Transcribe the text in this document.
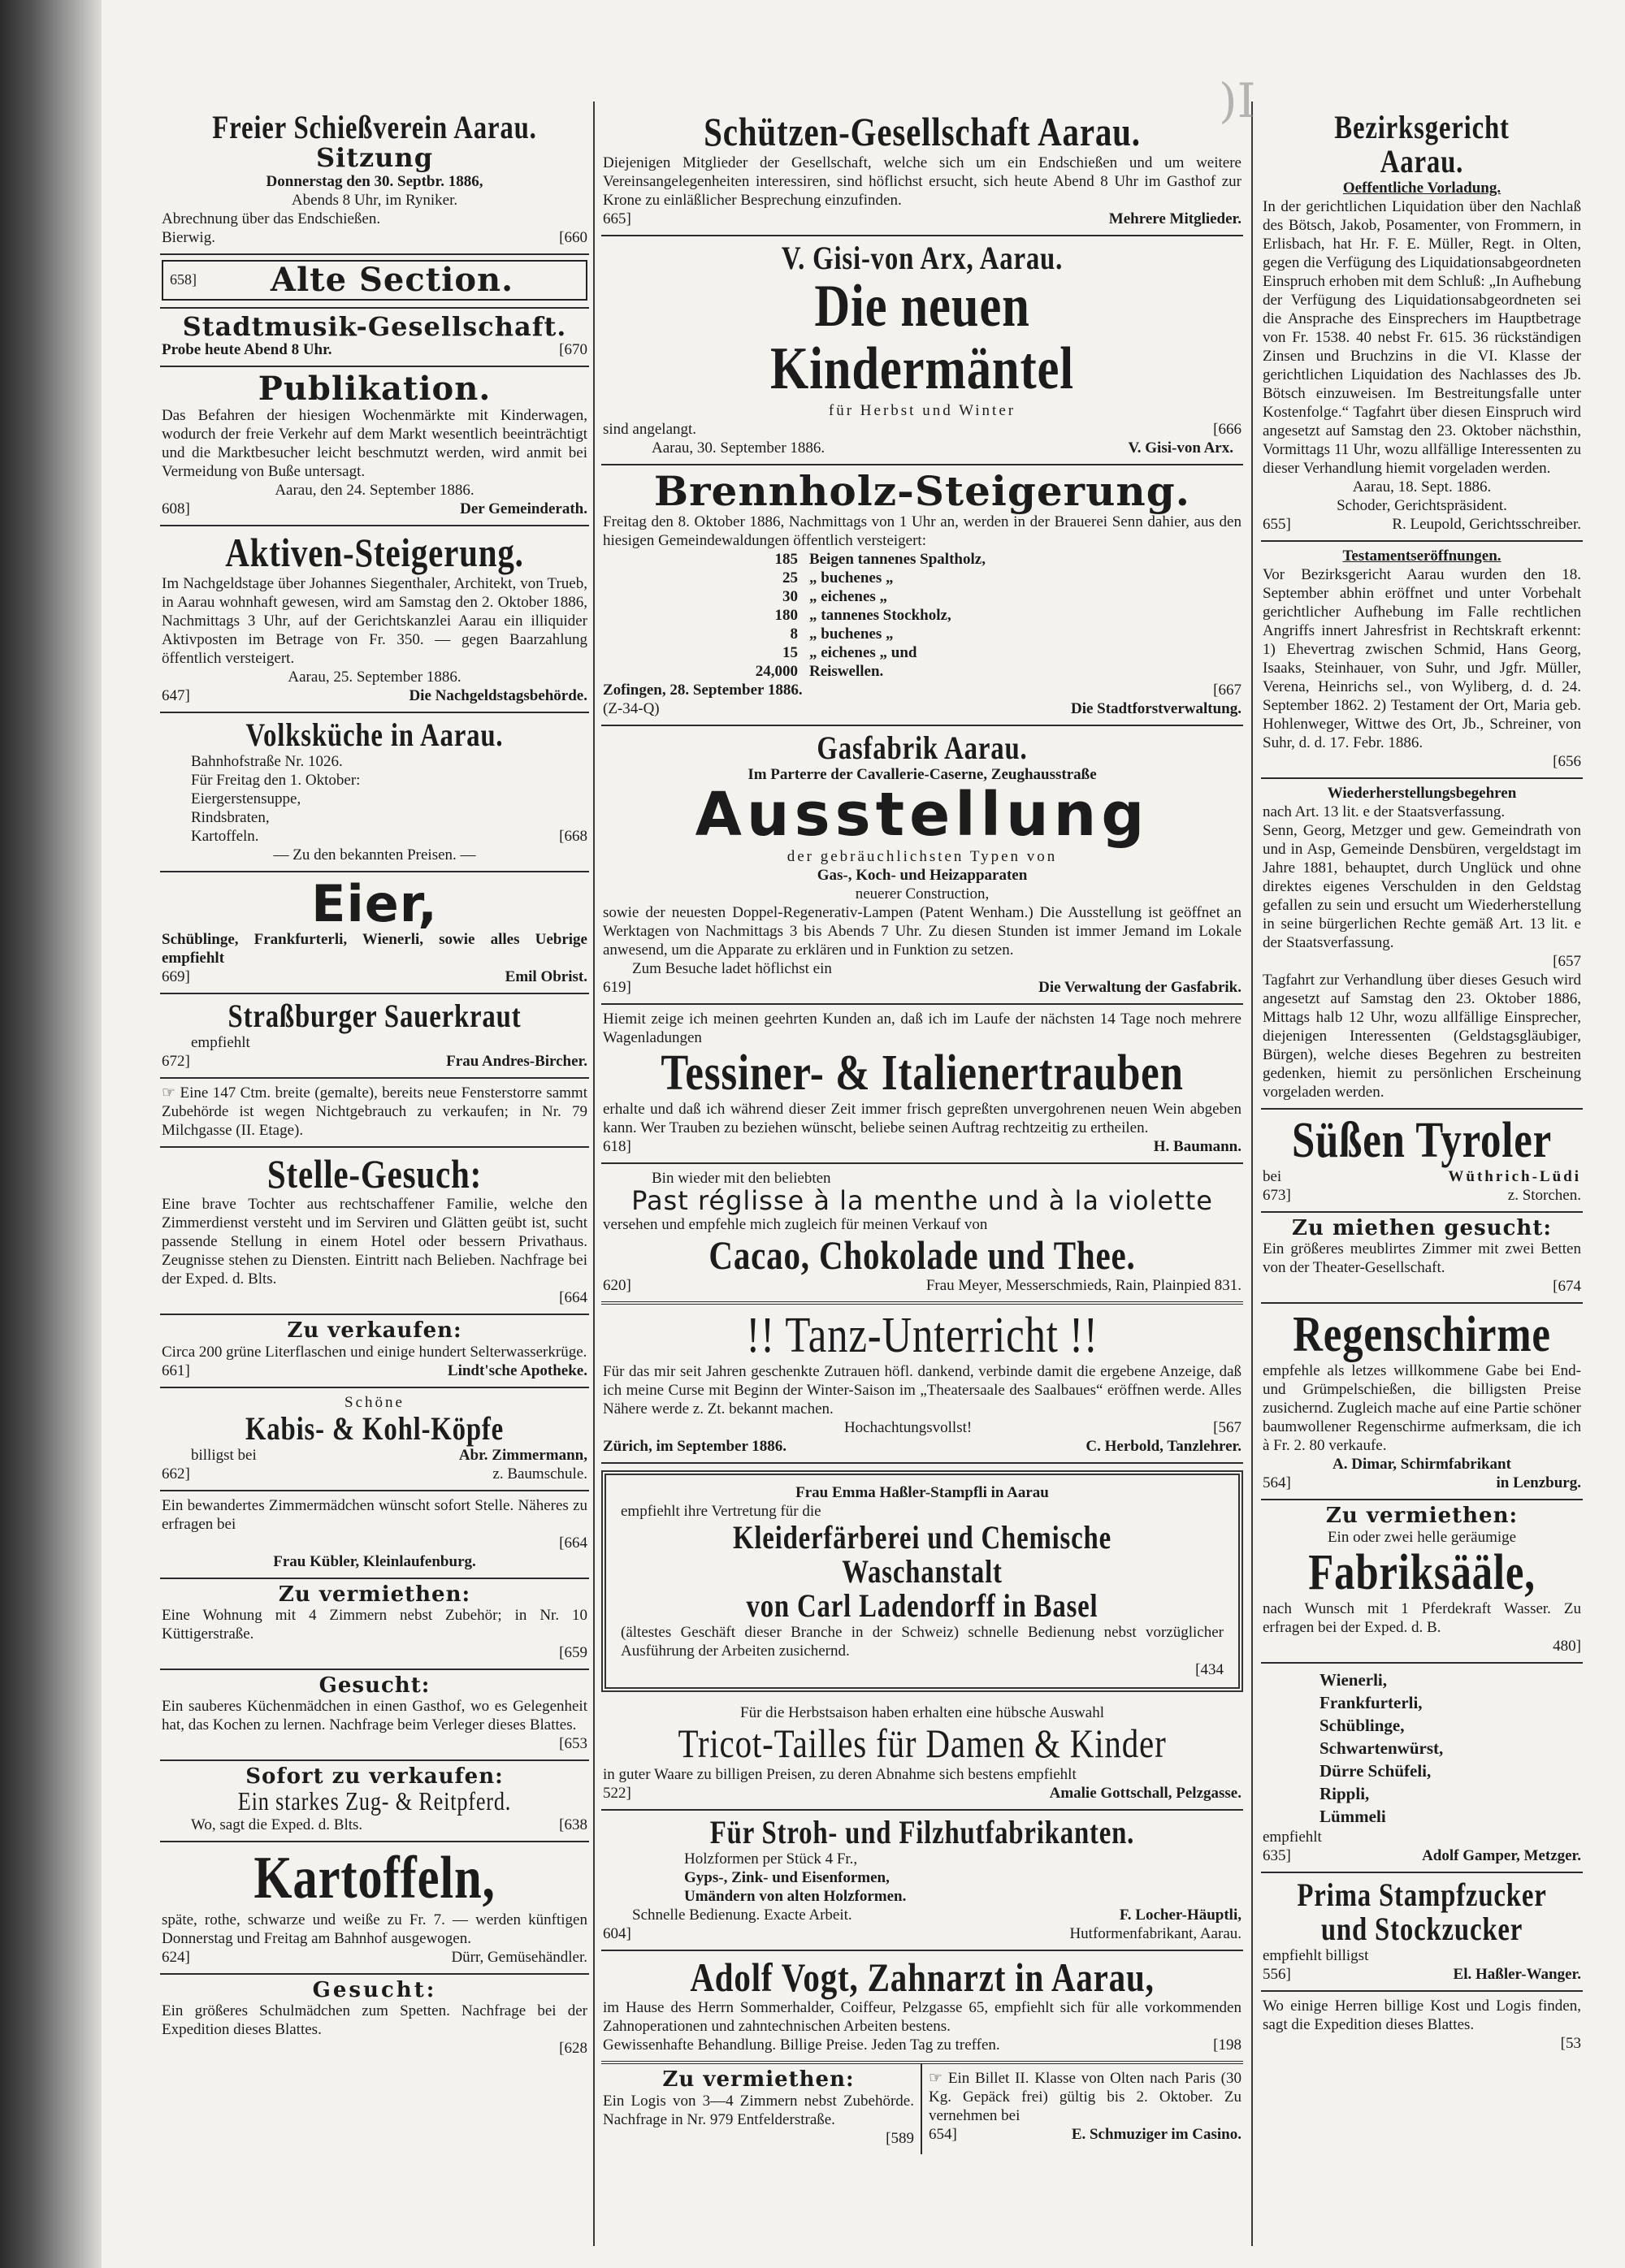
)I
Freier Schießverein Aarau.
Sitzung
Donnerstag den 30. Septbr. 1886,
Abends 8 Uhr, im Ryniker.
Abrechnung über das Endschießen.
Bierwig.	[660
658]	Alte Section.
Stadtmusik-Gesellschaft.
Probe heute Abend 8 Uhr.	[670
Publikation.
Das Befahren der hiesigen Wochenmärkte mit Kinderwagen, wodurch der freie Verkehr auf dem Markt wesentlich beeinträchtigt und die Marktbesucher leicht beschmutzt werden, wird anmit bei Vermeidung von Buße untersagt.
Aarau, den 24. September 1886.
608]	Der Gemeinderath.
Aktiven-Steigerung.
Im Nachgeldstage über Johannes Siegenthaler, Architekt, von Trueb, in Aarau wohnhaft gewesen, wird am Samstag den 2. Oktober 1886, Nachmittags 3 Uhr, auf der Gerichtskanzlei Aarau ein illiquider Aktivposten im Betrage von Fr. 350. — gegen Baarzahlung öffentlich versteigert.
Aarau, 25. September 1886.
647]	Die Nachgeldstagsbehörde.
Volksküche in Aarau.
Bahnhofstraße Nr. 1026.
Für Freitag den 1. Oktober:
Eiergerstensuppe,
Rindsbraten,
Kartoffeln.	[668
— Zu den bekannten Preisen. —
Eier,
Schüblinge, Frankfurterli, Wienerli, sowie alles Uebrige empfiehlt
669]	Emil Obrist.
Straßburger Sauerkraut
empfiehlt
672]	Frau Andres-Bircher.
☞ Eine 147 Ctm. breite (gemalte), bereits neue Fensterstorre sammt Zubehörde ist wegen Nichtgebrauch zu verkaufen; in Nr. 79 Milchgasse (II. Etage).
Stelle-Gesuch:
Eine brave Tochter aus rechtschaffener Familie, welche den Zimmerdienst versteht und im Serviren und Glätten geübt ist, sucht passende Stellung in einem Hotel oder bessern Privathaus. Zeugnisse stehen zu Diensten. Eintritt nach Belieben. Nachfrage bei der Exped. d. Blts.
[664
Zu verkaufen:
Circa 200 grüne Literflaschen und einige hundert Selterwasserkrüge.
661]	Lindt'sche Apotheke.
Schöne
Kabis- & Kohl-Köpfe
billigst bei	Abr. Zimmermann,
662]	z. Baumschule.
Ein bewandertes Zimmermädchen wünscht sofort Stelle. Näheres zu erfragen bei
[664
Frau Kübler, Kleinlaufenburg.
Zu vermiethen:
Eine Wohnung mit 4 Zimmern nebst Zubehör; in Nr. 10 Küttigerstraße.
[659
Gesucht:
Ein sauberes Küchenmädchen in einen Gasthof, wo es Gelegenheit hat, das Kochen zu lernen. Nachfrage beim Verleger dieses Blattes.
[653
Sofort zu verkaufen:
Ein starkes Zug- & Reitpferd.
Wo, sagt die Exped. d. Blts.	[638
Kartoffeln,
späte, rothe, schwarze und weiße zu Fr. 7. — werden künftigen Donnerstag und Freitag am Bahnhof ausgewogen.
624]	Dürr, Gemüsehändler.
Gesucht:
Ein größeres Schulmädchen zum Spetten. Nachfrage bei der Expedition dieses Blattes.
[628
Schützen-Gesellschaft Aarau.
Diejenigen Mitglieder der Gesellschaft, welche sich um ein Endschießen und um weitere Vereinsangelegenheiten interessiren, sind höflichst ersucht, sich heute Abend 8 Uhr im Gasthof zur Krone zu einläßlicher Besprechung einzufinden.
665]	Mehrere Mitglieder.
V. Gisi-von Arx, Aarau.
Die neuen Kindermäntel
für Herbst und Winter
sind angelangt.	[666
Aarau, 30. September 1886.	V. Gisi-von Arx.
Brennholz-Steigerung.
Freitag den 8. Oktober 1886, Nachmittags von 1 Uhr an, werden in der Brauerei Senn dahier, aus den hiesigen Gemeindewaldungen öffentlich versteigert:
185 Beigen tannenes Spaltholz,
25 „ buchenes „
30 „ eichenes „
180 „ tannenes Stockholz,
8 „ buchenes „
15 „ eichenes „ und
24,000 Reiswellen.
Zofingen, 28. September 1886.	[667
(Z-34-Q)	Die Stadtforstverwaltung.
Gasfabrik Aarau.
Im Parterre der Cavallerie-Caserne, Zeughausstraße
Ausstellung
der gebräuchlichsten Typen von
Gas-, Koch- und Heizapparaten
neuerer Construction,
sowie der neuesten Doppel-Regenerativ-Lampen (Patent Wenham.) Die Ausstellung ist geöffnet an Werktagen von Nachmittags 3 bis Abends 7 Uhr. Zu diesen Stunden ist immer Jemand im Lokale anwesend, um die Apparate zu erklären und in Funktion zu setzen.
Zum Besuche ladet höflichst ein
619]	Die Verwaltung der Gasfabrik.
Hiemit zeige ich meinen geehrten Kunden an, daß ich im Laufe der nächsten 14 Tage noch mehrere Wagenladungen
Tessiner- & Italienertrauben
erhalte und daß ich während dieser Zeit immer frisch gepreßten unvergohrenen neuen Wein abgeben kann. Wer Trauben zu beziehen wünscht, beliebe seinen Auftrag rechtzeitig zu ertheilen.
618]	H. Baumann.
Bin wieder mit den beliebten
Past réglisse à la menthe und à la violette
versehen und empfehle mich zugleich für meinen Verkauf von
Cacao, Chokolade und Thee.
620]	Frau Meyer, Messerschmieds, Rain, Plainpied 831.
!! Tanz-Unterricht !!
Für das mir seit Jahren geschenkte Zutrauen höfl. dankend, verbinde damit die ergebene Anzeige, daß ich meine Curse mit Beginn der Winter-Saison im „Theatersaale des Saalbaues“ eröffnen werde. Alles Nähere werde z. Zt. bekannt machen.
Hochachtungsvollst!	[567
Zürich, im September 1886.	C. Herbold, Tanzlehrer.
Frau Emma Haßler-Stampfli in Aarau
empfiehlt ihre Vertretung für die
Kleiderfärberei und Chemische Waschanstalt
von Carl Ladendorff in Basel
(ältestes Geschäft dieser Branche in der Schweiz) schnelle Bedienung nebst vorzüglicher Ausführung der Arbeiten zusichernd.
[434
Für die Herbstsaison haben erhalten eine hübsche Auswahl
Tricot-Tailles für Damen & Kinder
in guter Waare zu billigen Preisen, zu deren Abnahme sich bestens empfiehlt
522]	Amalie Gottschall, Pelzgasse.
Für Stroh- und Filzhutfabrikanten.
Holzformen per Stück 4 Fr.,
Gyps-, Zink- und Eisenformen,
Umändern von alten Holzformen.
Schnelle Bedienung. Exacte Arbeit.	F. Locher-Häuptli,
604]	Hutformenfabrikant, Aarau.
Adolf Vogt, Zahnarzt in Aarau,
im Hause des Herrn Sommerhalder, Coiffeur, Pelzgasse 65, empfiehlt sich für alle vorkommenden Zahnoperationen und zahntechnischen Arbeiten bestens.
Gewissenhafte Behandlung. Billige Preise. Jeden Tag zu treffen.	[198
Zu vermiethen:
Ein Logis von 3—4 Zimmern nebst Zubehörde. Nachfrage in Nr. 979 Entfelderstraße.
[589
☞ Ein Billet II. Klasse von Olten nach Paris (30 Kg. Gepäck frei) gültig bis 2. Oktober. Zu vernehmen bei
654]	E. Schmuziger im Casino.
Bezirksgericht Aarau.
Oeffentliche Vorladung.
In der gerichtlichen Liquidation über den Nachlaß des Bötsch, Jakob, Posamenter, von Frommern, in Erlisbach, hat Hr. F. E. Müller, Regt. in Olten, gegen die Verfügung des Liquidationsabgeordneten Einspruch erhoben mit dem Schluß: „In Aufhebung der Verfügung des Liquidationsabgeordneten sei die Ansprache des Einsprechers im Hauptbetrage von Fr. 1538. 40 nebst Fr. 615. 36 rückständigen Zinsen und Bruchzins in die VI. Klasse der gerichtlichen Liquidation des Nachlasses des Jb. Bötsch einzuweisen. Im Bestreitungsfalle unter Kostenfolge.“ Tagfahrt über diesen Einspruch wird angesetzt auf Samstag den 23. Oktober nächsthin, Vormittags 11 Uhr, wozu allfällige Interessenten zu dieser Verhandlung hiemit vorgeladen werden.
Aarau, 18. Sept. 1886.
Schoder, Gerichtspräsident.
655]	R. Leupold, Gerichtsschreiber.
Testamentseröffnungen.
Vor Bezirksgericht Aarau wurden den 18. September abhin eröffnet und unter Vorbehalt gerichtlicher Aufhebung im Falle rechtlichen Angriffs innert Jahresfrist in Rechtskraft erkennt: 1) Ehevertrag zwischen Schmid, Hans Georg, Isaaks, Steinhauer, von Suhr, und Jgfr. Müller, Verena, Heinrichs sel., von Wyliberg, d. d. 24. September 1862. 2) Testament der Ort, Maria geb. Hohlenweger, Wittwe des Ort, Jb., Schreiner, von Suhr, d. d. 17. Febr. 1886.
[656
Wiederherstellungsbegehren
nach Art. 13 lit. e der Staatsverfassung.
Senn, Georg, Metzger und gew. Gemeindrath von und in Asp, Gemeinde Densbüren, vergeldstagt im Jahre 1881, behauptet, durch Unglück und ohne direktes eigenes Verschulden in den Geldstag gefallen zu sein und ersucht um Wiederherstellung in seine bürgerlichen Rechte gemäß Art. 13 lit. e der Staatsverfassung.
[657
Tagfahrt zur Verhandlung über dieses Gesuch wird angesetzt auf Samstag den 23. Oktober 1886, Mittags halb 12 Uhr, wozu allfällige Einsprecher, diejenigen Interessenten (Geldstagsgläubiger, Bürgen), welche dieses Begehren zu bestreiten gedenken, hiemit zu persönlichen Erscheinung vorgeladen werden.
Süßen Tyroler
bei	Wüthrich-Lüdi
673]	z. Storchen.
Zu miethen gesucht:
Ein größeres meublirtes Zimmer mit zwei Betten von der Theater-Gesellschaft.
[674
Regenschirme
empfehle als letzes willkommene Gabe bei End- und Grümpelschießen, die billigsten Preise zusichernd. Zugleich mache auf eine Partie schöner baumwollener Regenschirme aufmerksam, die ich à Fr. 2. 80 verkaufe.
A. Dimar, Schirmfabrikant
564]	in Lenzburg.
Zu vermiethen:
Ein oder zwei helle geräumige
Fabriksääle,
nach Wunsch mit 1 Pferdekraft Wasser. Zu erfragen bei der Exped. d. B.
480]
Wienerli,
Frankfurterli,
Schüblinge,
Schwartenwürst,
Dürre Schüfeli,
Rippli,
Lümmeli
empfiehlt
635]	Adolf Gamper, Metzger.
Prima Stampfzucker
und Stockzucker
empfiehlt billigst
556]	El. Haßler-Wanger.
Wo einige Herren billige Kost und Logis finden, sagt die Expedition dieses Blattes.
[53
